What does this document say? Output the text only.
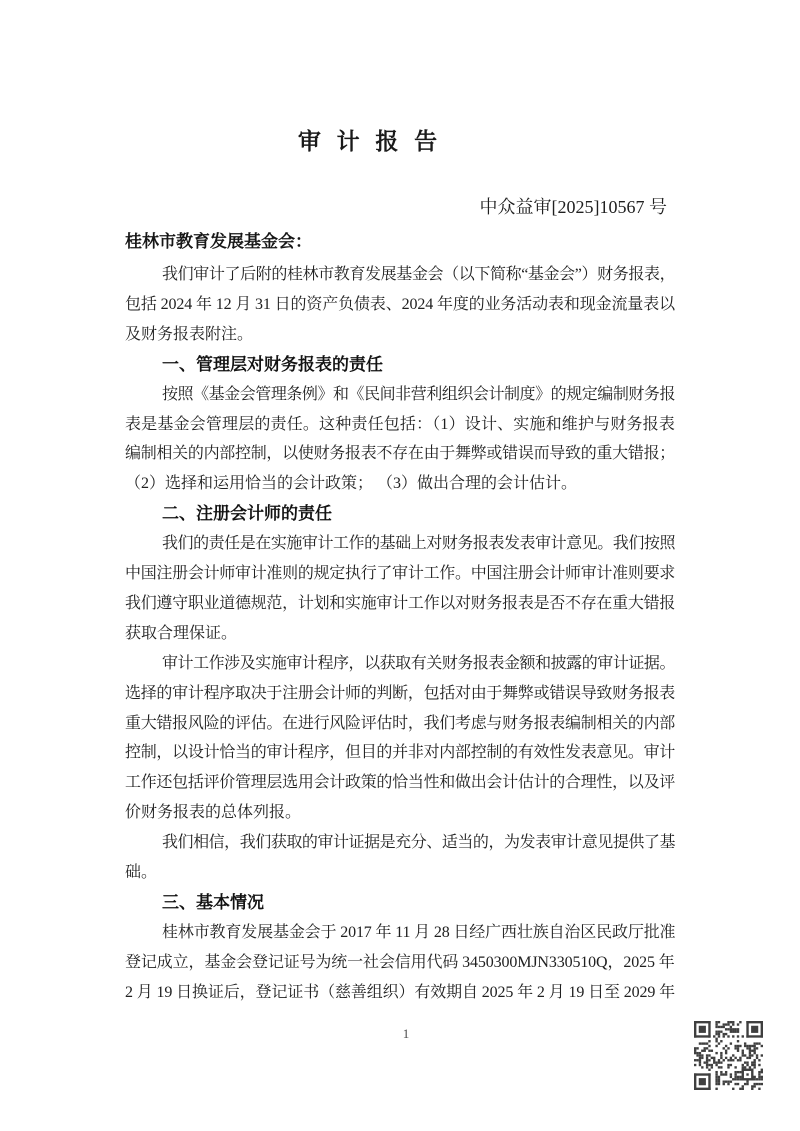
审 计 报 告
中众益审[2025]10567 号
桂林市教育发展基金会：
我们审计了后附的桂林市教育发展基金会（以下简称“基金会”）财务报表，
包括 2024 年 12 月 31 日的资产负债表、2024 年度的业务活动表和现金流量表以
及财务报表附注。
一、管理层对财务报表的责任
按照《基金会管理条例》和《民间非营利组织会计制度》的规定编制财务报
表是基金会管理层的责任。这种责任包括：（1）设计、实施和维护与财务报表
编制相关的内部控制，以使财务报表不存在由于舞弊或错误而导致的重大错报；
（2）选择和运用恰当的会计政策； （3）做出合理的会计估计。
二、注册会计师的责任
我们的责任是在实施审计工作的基础上对财务报表发表审计意见。我们按照
中国注册会计师审计准则的规定执行了审计工作。中国注册会计师审计准则要求
我们遵守职业道德规范，计划和实施审计工作以对财务报表是否不存在重大错报
获取合理保证。
审计工作涉及实施审计程序，以获取有关财务报表金额和披露的审计证据。
选择的审计程序取决于注册会计师的判断，包括对由于舞弊或错误导致财务报表
重大错报风险的评估。在进行风险评估时，我们考虑与财务报表编制相关的内部
控制，以设计恰当的审计程序，但目的并非对内部控制的有效性发表意见。审计
工作还包括评价管理层选用会计政策的恰当性和做出会计估计的合理性，以及评
价财务报表的总体列报。
我们相信，我们获取的审计证据是充分、适当的，为发表审计意见提供了基
础。
三、基本情况
桂林市教育发展基金会于 2017 年 11 月 28 日经广西壮族自治区民政厅批准
登记成立，基金会登记证号为统一社会信用代码 3450300MJN330510Q，2025 年
2 月 19 日换证后，登记证书（慈善组织）有效期自 2025 年 2 月 19 日至 2029 年
1
